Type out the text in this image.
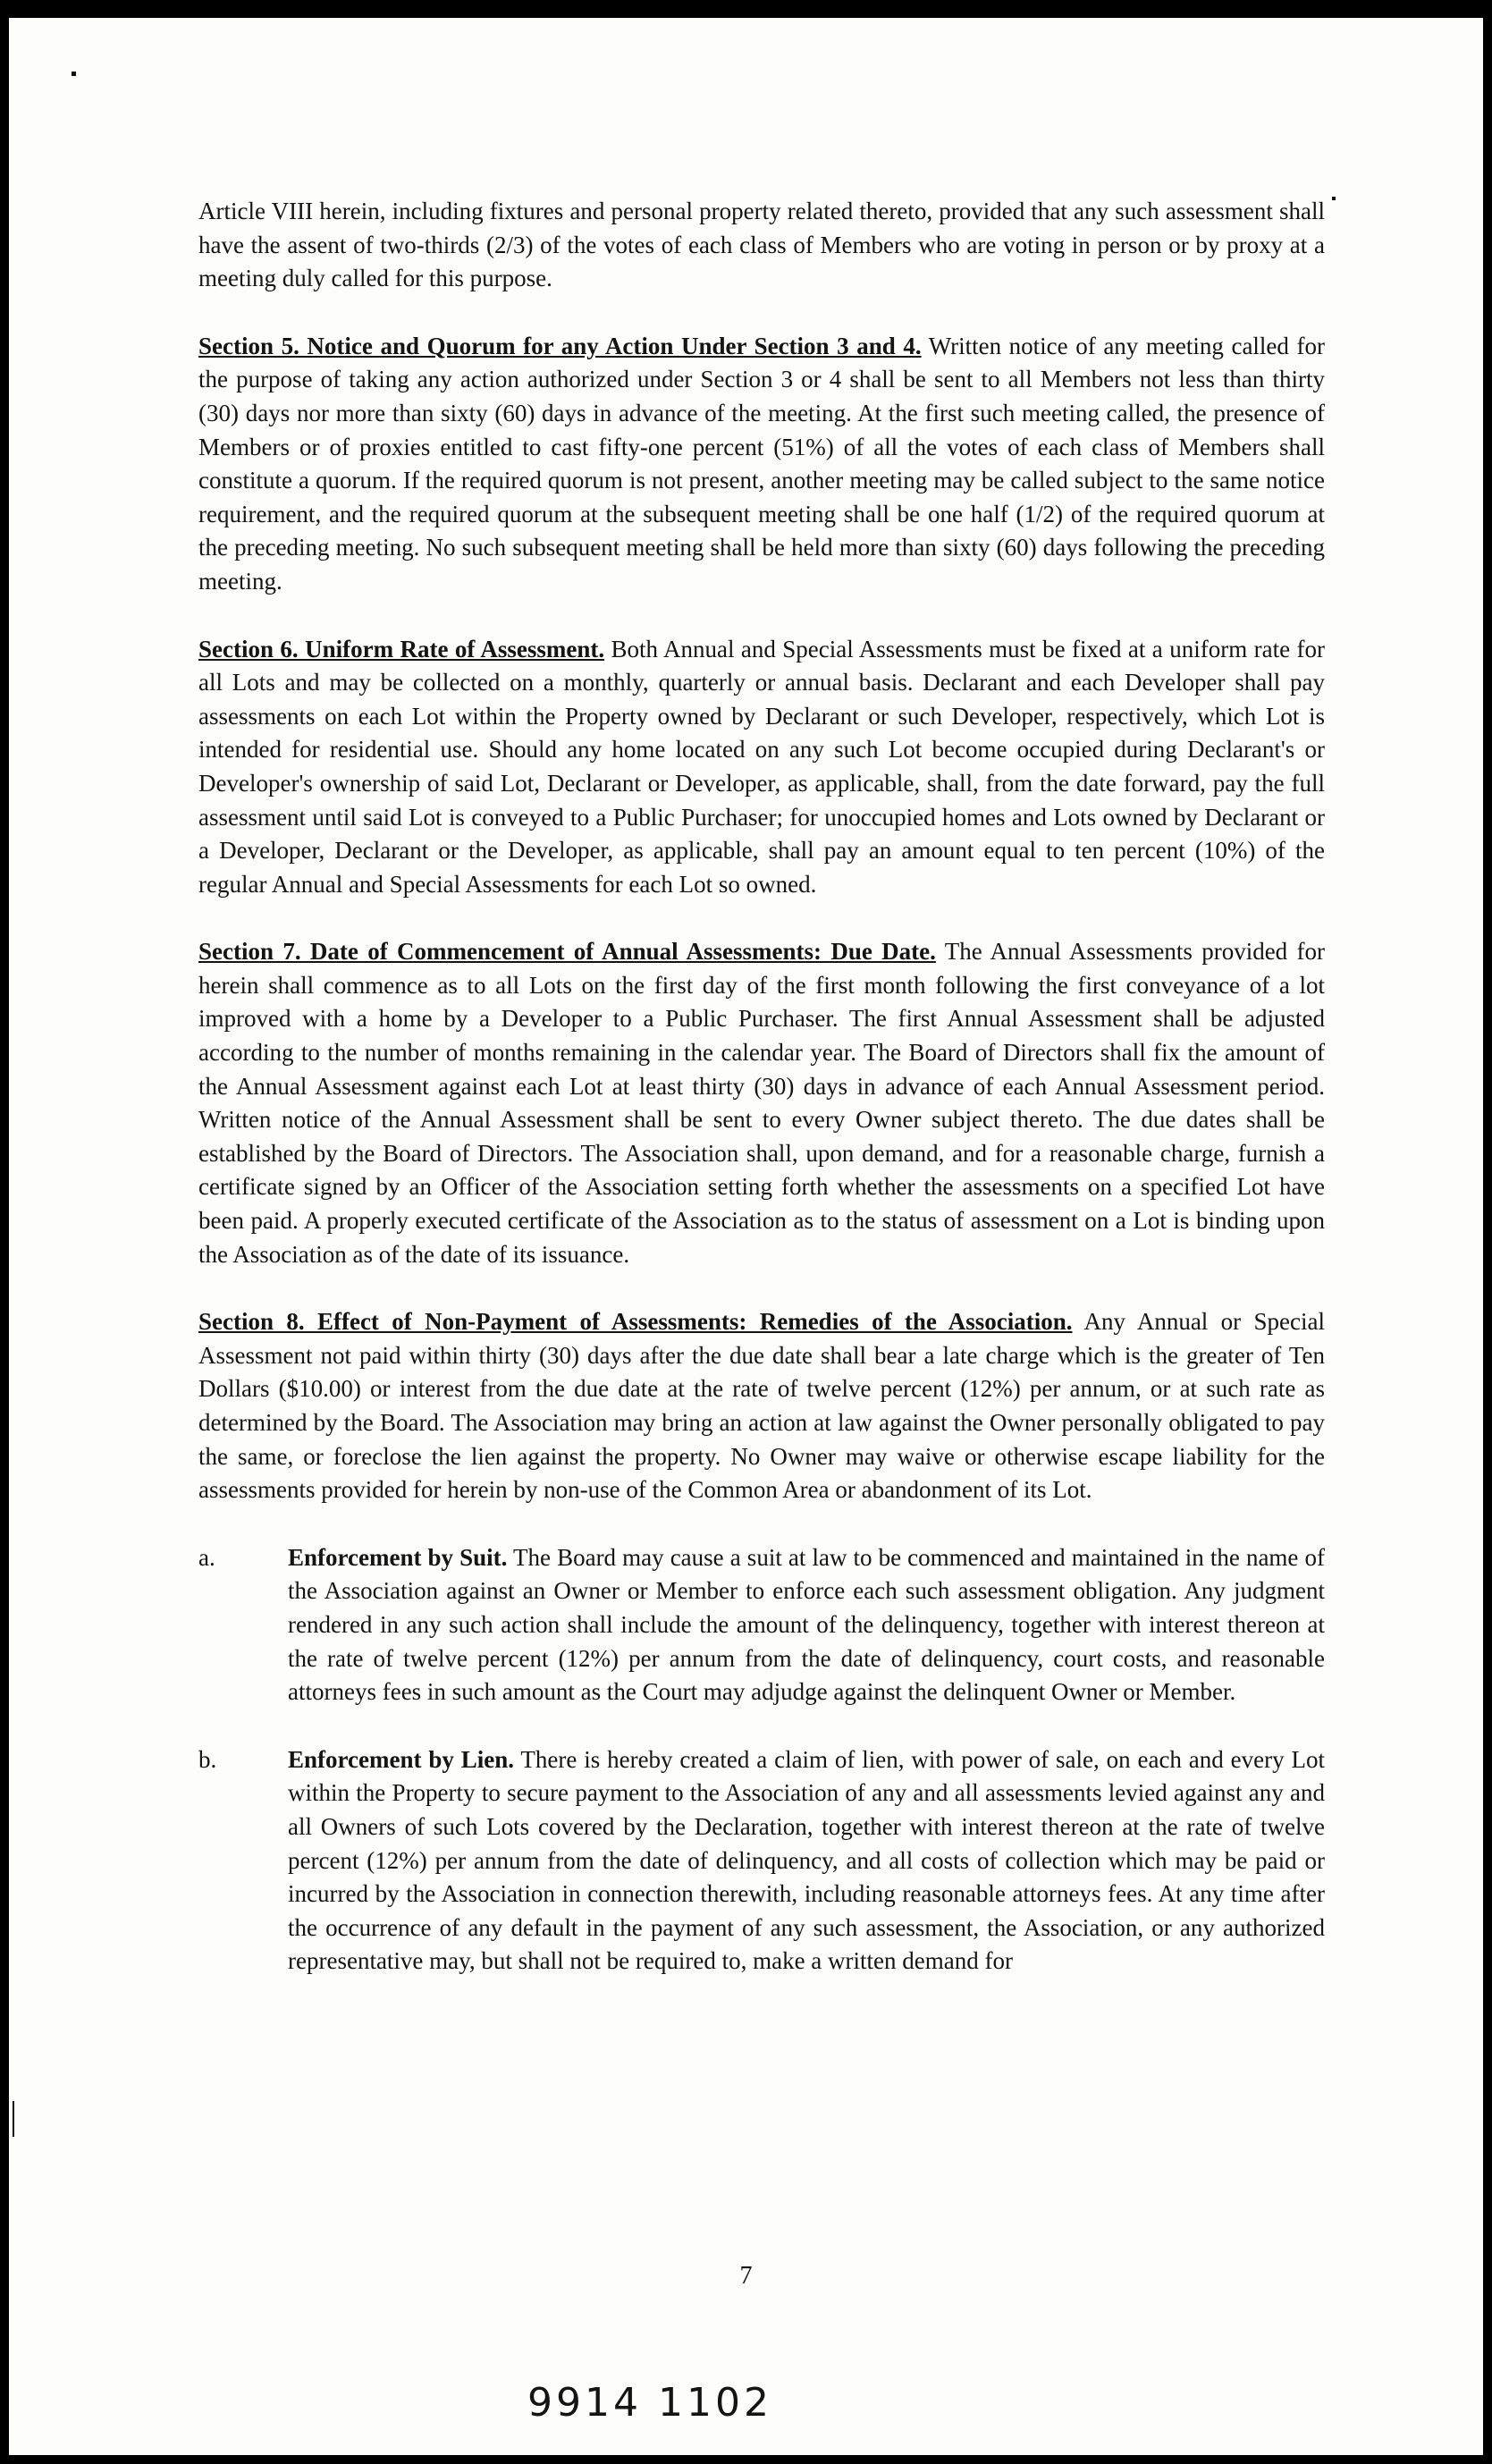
Article VIII herein, including fixtures and personal property related thereto, provided that any such assessment shall have the assent of two-thirds (2/3) of the votes of each class of Members who are voting in person or by proxy at a meeting duly called for this purpose.

Section 5. Notice and Quorum for any Action Under Section 3 and 4. Written notice of any meeting called for the purpose of taking any action authorized under Section 3 or 4 shall be sent to all Members not less than thirty (30) days nor more than sixty (60) days in advance of the meeting. At the first such meeting called, the presence of Members or of proxies entitled to cast fifty-one percent (51%) of all the votes of each class of Members shall constitute a quorum. If the required quorum is not present, another meeting may be called subject to the same notice requirement, and the required quorum at the subsequent meeting shall be one half (1/2) of the required quorum at the preceding meeting. No such subsequent meeting shall be held more than sixty (60) days following the preceding meeting.

Section 6. Uniform Rate of Assessment. Both Annual and Special Assessments must be fixed at a uniform rate for all Lots and may be collected on a monthly, quarterly or annual basis. Declarant and each Developer shall pay assessments on each Lot within the Property owned by Declarant or such Developer, respectively, which Lot is intended for residential use. Should any home located on any such Lot become occupied during Declarant's or Developer's ownership of said Lot, Declarant or Developer, as applicable, shall, from the date forward, pay the full assessment until said Lot is conveyed to a Public Purchaser; for unoccupied homes and Lots owned by Declarant or a Developer, Declarant or the Developer, as applicable, shall pay an amount equal to ten percent (10%) of the regular Annual and Special Assessments for each Lot so owned.

Section 7. Date of Commencement of Annual Assessments: Due Date. The Annual Assessments provided for herein shall commence as to all Lots on the first day of the first month following the first conveyance of a lot improved with a home by a Developer to a Public Purchaser. The first Annual Assessment shall be adjusted according to the number of months remaining in the calendar year. The Board of Directors shall fix the amount of the Annual Assessment against each Lot at least thirty (30) days in advance of each Annual Assessment period. Written notice of the Annual Assessment shall be sent to every Owner subject thereto. The due dates shall be established by the Board of Directors. The Association shall, upon demand, and for a reasonable charge, furnish a certificate signed by an Officer of the Association setting forth whether the assessments on a specified Lot have been paid. A properly executed certificate of the Association as to the status of assessment on a Lot is binding upon the Association as of the date of its issuance.

Section 8. Effect of Non-Payment of Assessments: Remedies of the Association. Any Annual or Special Assessment not paid within thirty (30) days after the due date shall bear a late charge which is the greater of Ten Dollars ($10.00) or interest from the due date at the rate of twelve percent (12%) per annum, or at such rate as determined by the Board. The Association may bring an action at law against the Owner personally obligated to pay the same, or foreclose the lien against the property. No Owner may waive or otherwise escape liability for the assessments provided for herein by non-use of the Common Area or abandonment of its Lot.

a.	Enforcement by Suit. The Board may cause a suit at law to be commenced and maintained in the name of the Association against an Owner or Member to enforce each such assessment obligation. Any judgment rendered in any such action shall include the amount of the delinquency, together with interest thereon at the rate of twelve percent (12%) per annum from the date of delinquency, court costs, and reasonable attorneys fees in such amount as the Court may adjudge against the delinquent Owner or Member.
b.	Enforcement by Lien. There is hereby created a claim of lien, with power of sale, on each and every Lot within the Property to secure payment to the Association of any and all assessments levied against any and all Owners of such Lots covered by the Declaration, together with interest thereon at the rate of twelve percent (12%) per annum from the date of delinquency, and all costs of collection which may be paid or incurred by the Association in connection therewith, including reasonable attorneys fees. At any time after the occurrence of any default in the payment of any such assessment, the Association, or any authorized representative may, but shall not be required to, make a written demand for
7
9914 1102
